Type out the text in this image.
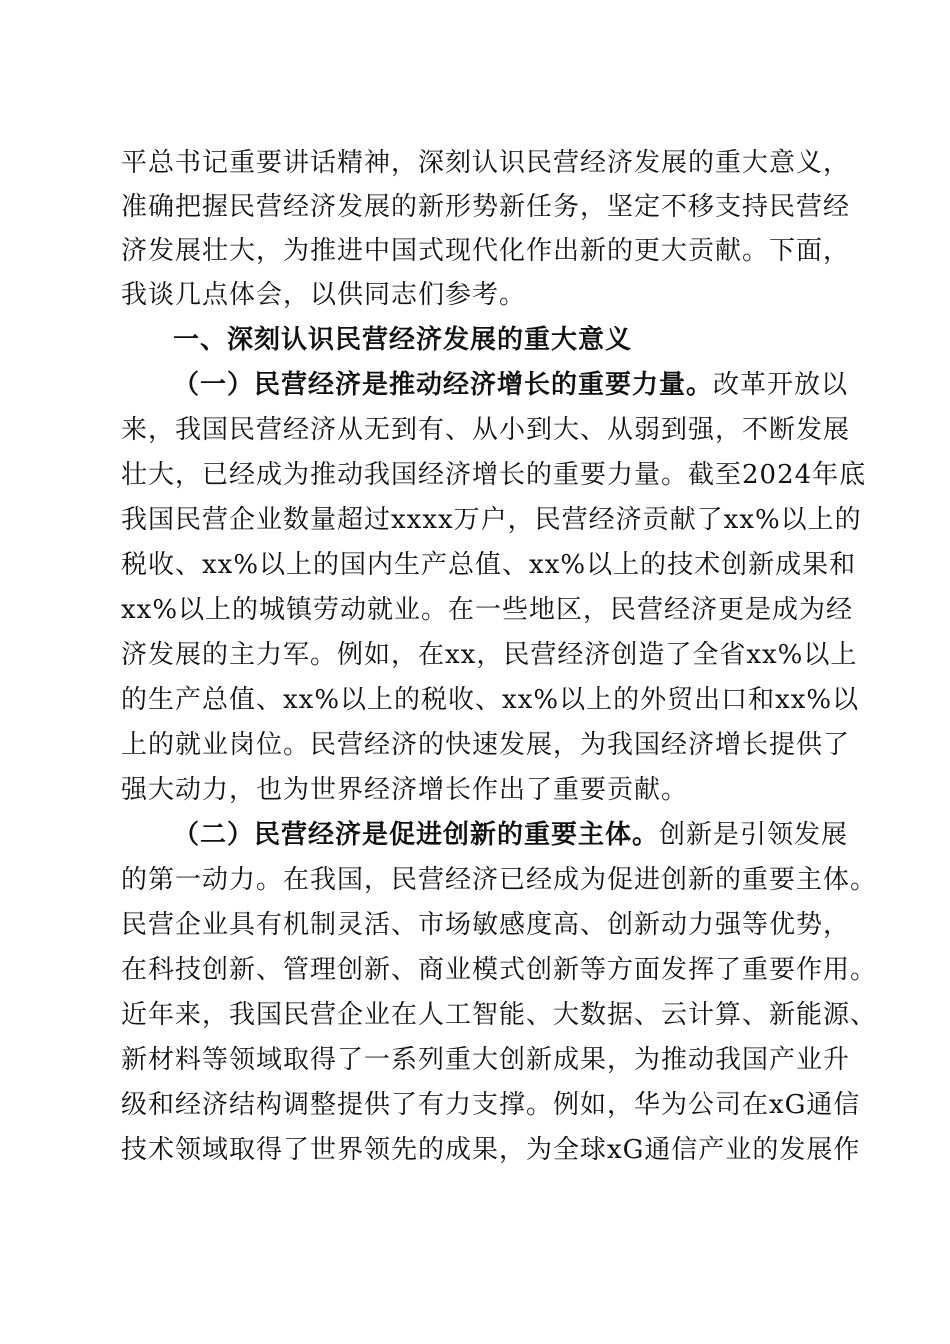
平总书记重要讲话精神，深刻认识民营经济发展的重大意义，
准确把握民营经济发展的新形势新任务，坚定不移支持民营经
济发展壮大，为推进中国式现代化作出新的更大贡献。下面，
我谈几点体会，以供同志们参考。
一、深刻认识民营经济发展的重大意义
（一）民营经济是推动经济增长的重要力量。改革开放以
来，我国民营经济从无到有、从小到大、从弱到强，不断发展
壮大，已经成为推动我国经济增长的重要力量。截至2024年底
我国民营企业数量超过xxxx万户，民营经济贡献了xx%以上的
税收、xx%以上的国内生产总值、xx%以上的技术创新成果和
xx%以上的城镇劳动就业。在一些地区，民营经济更是成为经
济发展的主力军。例如，在xx，民营经济创造了全省xx%以上
的生产总值、xx%以上的税收、xx%以上的外贸出口和xx%以
上的就业岗位。民营经济的快速发展，为我国经济增长提供了
强大动力，也为世界经济增长作出了重要贡献。
（二）民营经济是促进创新的重要主体。创新是引领发展
的第一动力。在我国，民营经济已经成为促进创新的重要主体。
民营企业具有机制灵活、市场敏感度高、创新动力强等优势，
在科技创新、管理创新、商业模式创新等方面发挥了重要作用。
近年来，我国民营企业在人工智能、大数据、云计算、新能源、
新材料等领域取得了一系列重大创新成果，为推动我国产业升
级和经济结构调整提供了有力支撑。例如，华为公司在xG通信
技术领域取得了世界领先的成果，为全球xG通信产业的发展作
